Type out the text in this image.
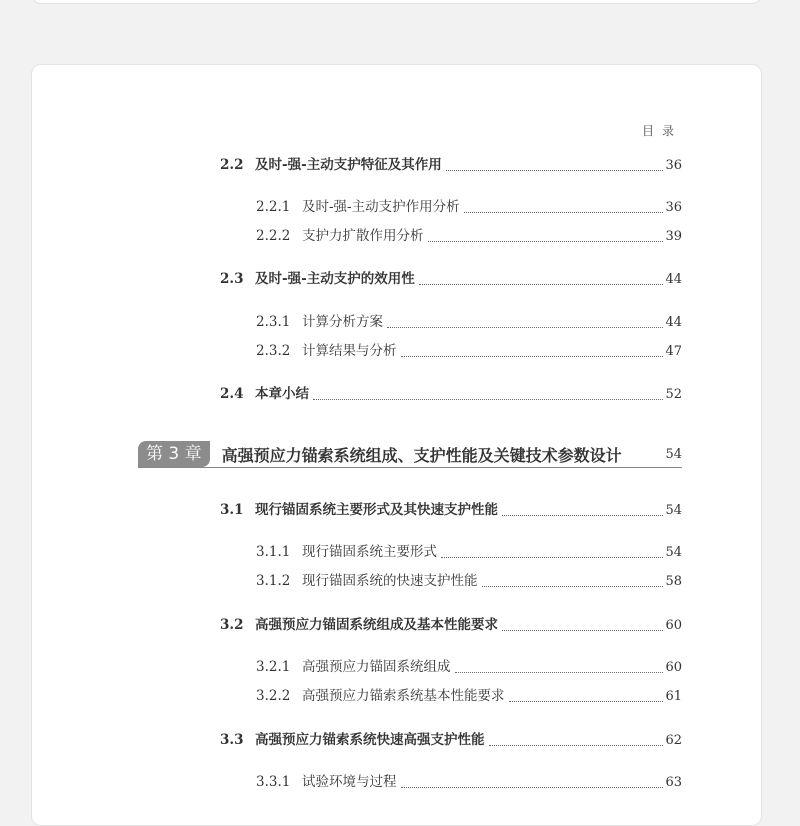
目录
2.2 及时-强-主动支护特征及其作用	36
2.2.1 及时-强-主动支护作用分析	36
2.2.2 支护力扩散作用分析	39
2.3 及时-强-主动支护的效用性	44
2.3.1 计算分析方案	44
2.3.2 计算结果与分析	47
2.4 本章小结	52
第 3 章	高强预应力锚索系统组成、支护性能及关键技术参数设计	54
3.1 现行锚固系统主要形式及其快速支护性能	54
3.1.1 现行锚固系统主要形式	54
3.1.2 现行锚固系统的快速支护性能	58
3.2 高强预应力锚固系统组成及基本性能要求	60
3.2.1 高强预应力锚固系统组成	60
3.2.2 高强预应力锚索系统基本性能要求	61
3.3 高强预应力锚索系统快速高强支护性能	62
3.3.1 试验环境与过程	63
